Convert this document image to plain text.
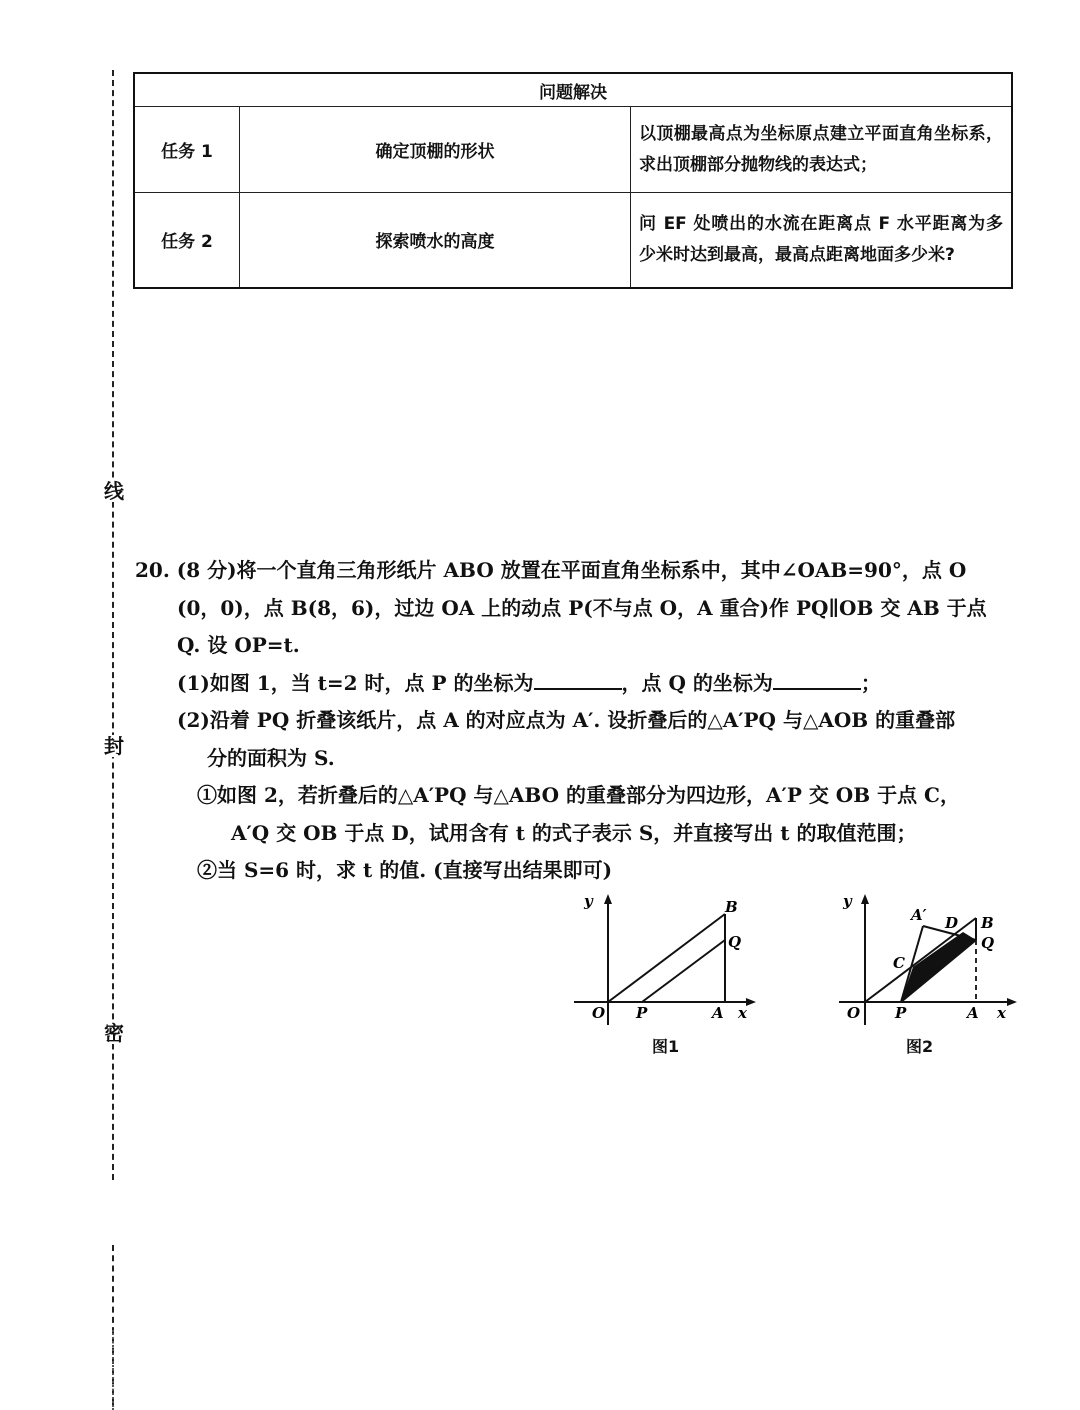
线
封
密
问题解决		
任务 1	确定顶棚的形状	以顶棚最高点为坐标原点建立平面直角坐标系，求出顶棚部分抛物线的表达式；
任务 2	探索喷水的高度	问 EF 处喷出的水流在距离点 F 水平距离为多少米时达到最高，最高点距离地面多少米?

20. (8 分)将一个直角三角形纸片 ABO 放置在平面直角坐标系中，其中∠OAB=90°，点 O

(0，0)，点 B(8，6)，过边 OA 上的动点 P(不与点 O，A 重合)作 PQ∥OB 交 AB 于点

Q. 设 OP=t.

(1)如图 1，当 t=2 时，点 P 的坐标为	，点 Q 的坐标为	；

(2)沿着 PQ 折叠该纸片，点 A 的对应点为 A′. 设折叠后的△A′PQ 与△AOB 的重叠部

分的面积为 S.

①如图 2，若折叠后的△A′PQ 与△ABO 的重叠部分为四边形，A′P 交 OB 于点 C，

A′Q 交 OB 于点 D，试用含有 t 的式子表示 S，并直接写出 t 的取值范围；

②当 S=6 时，求 t 的值. (直接写出结果即可)

y
x
O P	A
B
Q
图1
y
x
O P	A
B
Q
A′ D
C
图2
